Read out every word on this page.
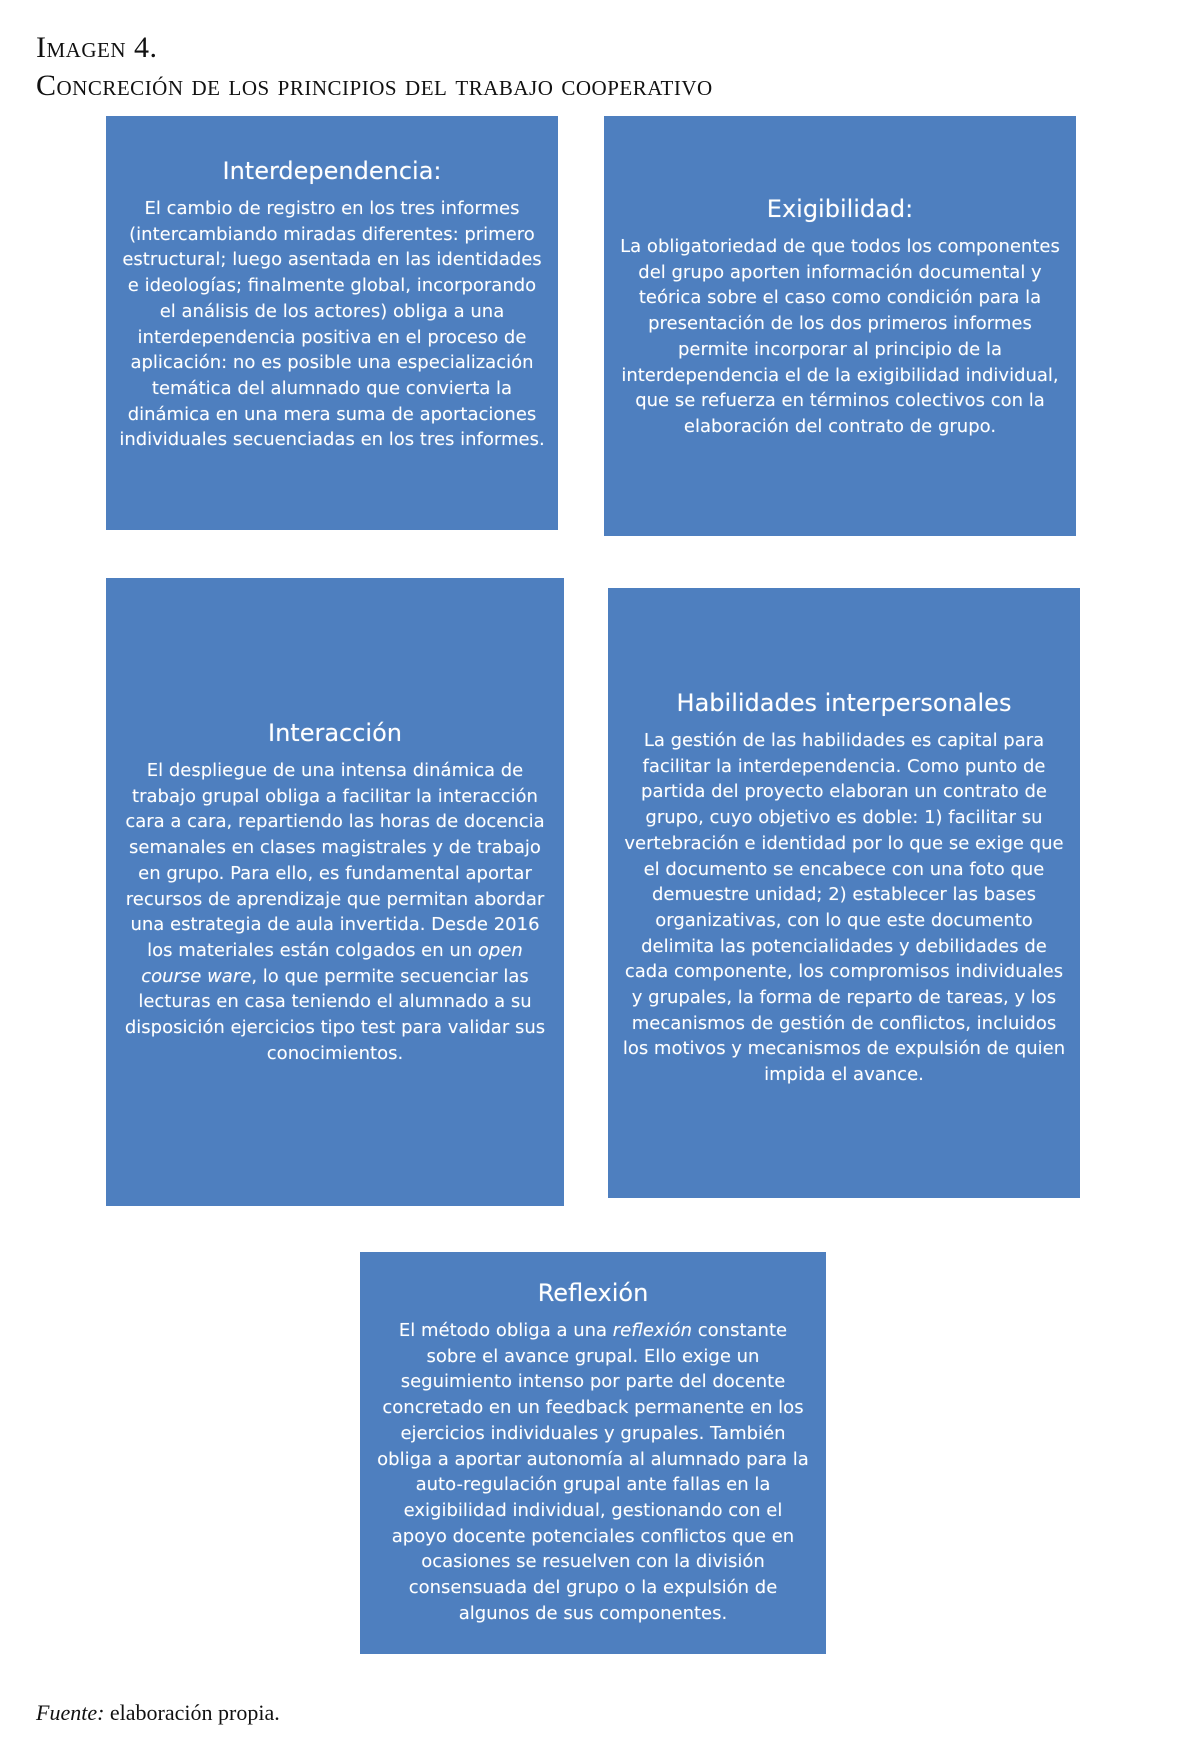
Imagen 4.
Concreción de los principios del trabajo cooperativo
Interdependencia:

El cambio de registro en los tres informes
(intercambiando miradas diferentes: primero
estructural; luego asentada en las identidades
e ideologías; finalmente global, incorporando
el análisis de los actores) obliga a una
interdependencia positiva en el proceso de
aplicación: no es posible una especialización
temática del alumnado que convierta la
dinámica en una mera suma de aportaciones
individuales secuenciadas en los tres informes.

Exigibilidad:

La obligatoriedad de que todos los componentes
del grupo aporten información documental y
teórica sobre el caso como condición para la
presentación de los dos primeros informes
permite incorporar al principio de la
interdependencia el de la exigibilidad individual,
que se refuerza en términos colectivos con la
elaboración del contrato de grupo.

Interacción

El despliegue de una intensa dinámica de
trabajo grupal obliga a facilitar la interacción
cara a cara, repartiendo las horas de docencia
semanales en clases magistrales y de trabajo
en grupo. Para ello, es fundamental aportar
recursos de aprendizaje que permitan abordar
una estrategia de aula invertida. Desde 2016
los materiales están colgados en un open
course ware, lo que permite secuenciar las
lecturas en casa teniendo el alumnado a su
disposición ejercicios tipo test para validar sus
conocimientos.

Habilidades interpersonales

La gestión de las habilidades es capital para
facilitar la interdependencia. Como punto de
partida del proyecto elaboran un contrato de
grupo, cuyo objetivo es doble: 1) facilitar su
vertebración e identidad por lo que se exige que
el documento se encabece con una foto que
demuestre unidad; 2) establecer las bases
organizativas, con lo que este documento
delimita las potencialidades y debilidades de
cada componente, los compromisos individuales
y grupales, la forma de reparto de tareas, y los
mecanismos de gestión de conflictos, incluidos
los motivos y mecanismos de expulsión de quien
impida el avance.

Reflexión

El método obliga a una reflexión constante
sobre el avance grupal. Ello exige un
seguimiento intenso por parte del docente
concretado en un feedback permanente en los
ejercicios individuales y grupales. También
obliga a aportar autonomía al alumnado para la
auto-regulación grupal ante fallas en la
exigibilidad individual, gestionando con el
apoyo docente potenciales conflictos que en
ocasiones se resuelven con la división
consensuada del grupo o la expulsión de
algunos de sus componentes.

Fuente: elaboración propia.
